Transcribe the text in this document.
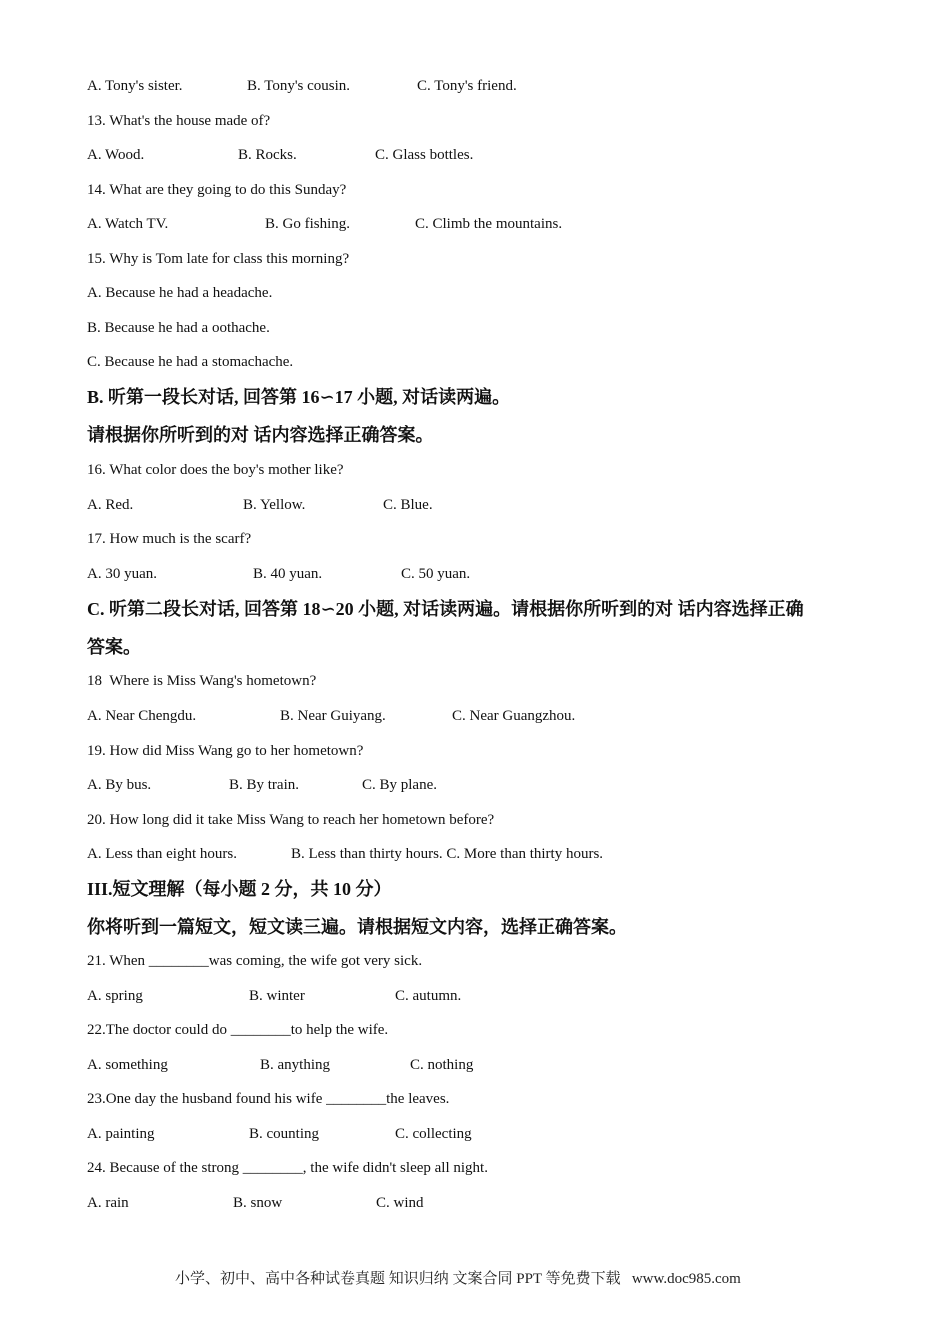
A. Tony's sister.	B. Tony's cousin.	C. Tony's friend.
13. What's the house made of?
A. Wood.	B. Rocks.	C. Glass bottles.
14. What are they going to do this Sunday?
A. Watch TV.	B. Go fishing.	C. Climb the mountains.
15. Why is Tom late for class this morning?
A. Because he had a headache.
B. Because he had a oothache.
C. Because he had a stomachache.
B. 听第一段长对话, 回答第 16∽17 小题, 对话读两遍。
请根据你所听到的对 话内容选择正确答案。
16. What color does the boy's mother like?
A. Red.	B. Yellow.	C. Blue.
17. How much is the scarf?
A. 30 yuan.	B. 40 yuan.	C. 50 yuan.
C. 听第二段长对话, 回答第 18∽20 小题, 对话读两遍。请根据你所听到的对 话内容选择正确
答案。
18  Where is Miss Wang's hometown?
A. Near Chengdu.	B. Near Guiyang.	C. Near Guangzhou.
19. How did Miss Wang go to her hometown?
A. By bus.	B. By train.	C. By plane.
20. How long did it take Miss Wang to reach her hometown before?
A. Less than eight hours.	B. Less than thirty hours. C. More than thirty hours.
III.短文理解（每小题 2 分，共 10 分）
你将听到一篇短文，短文读三遍。请根据短文内容，选择正确答案。
21. When ________was coming, the wife got very sick.
A. spring	B. winter	C. autumn.
22.The doctor could do ________to help the wife.
A. something	B. anything	C. nothing
23.One day the husband found his wife ________the leaves.
A. painting	B. counting	C. collecting
24. Because of the strong ________, the wife didn't sleep all night.
A. rain	B. snow	C. wind
小学、初中、高中各种试卷真题 知识归纳 文案合同 PPT 等免费下载   www.doc985.com
